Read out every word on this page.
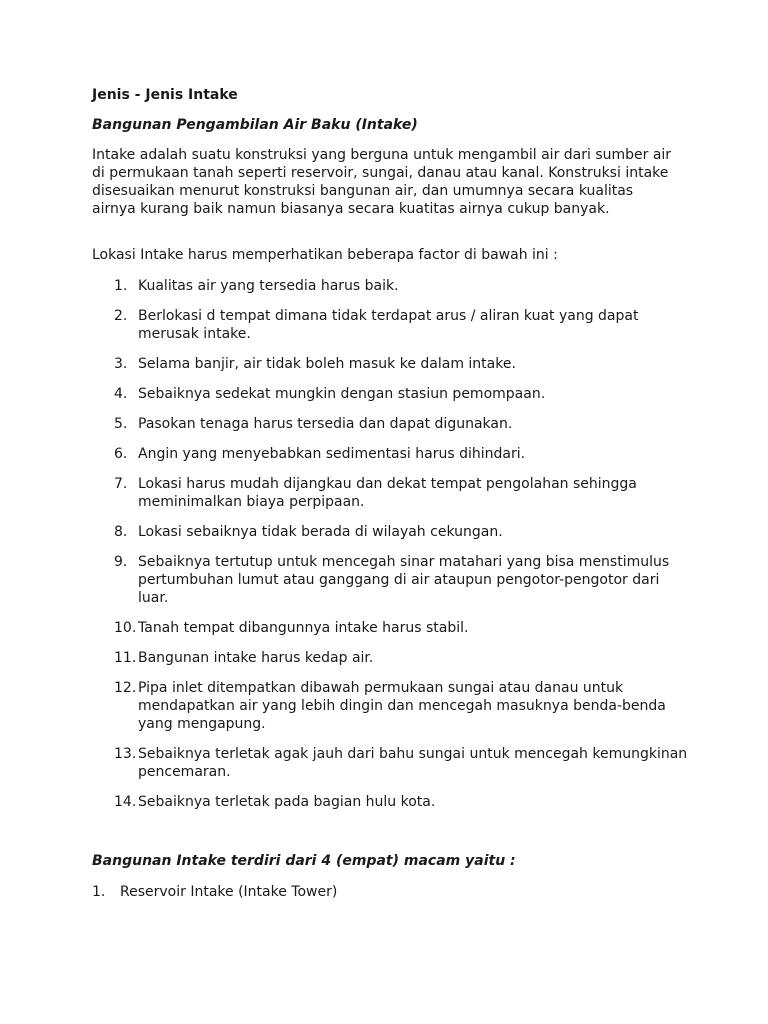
Jenis - Jenis Intake

Bangunan Pengambilan Air Baku (Intake)

Intake adalah suatu konstruksi yang berguna untuk mengambil air dari sumber air di permukaan tanah seperti reservoir, sungai, danau atau kanal. Konstruksi intake disesuaikan menurut konstruksi bangunan air, dan umumnya secara kualitas airnya kurang baik namun biasanya secara kuatitas airnya cukup banyak.

Lokasi Intake harus memperhatikan beberapa factor di bawah ini :

1. Kualitas air yang tersedia harus baik.
2. Berlokasi d tempat dimana tidak terdapat arus / aliran kuat yang dapat merusak intake.
3. Selama banjir, air tidak boleh masuk ke dalam intake.
4. Sebaiknya sedekat mungkin dengan stasiun pemompaan.
5. Pasokan tenaga harus tersedia dan dapat digunakan.
6. Angin yang menyebabkan sedimentasi harus dihindari.
7. Lokasi harus mudah dijangkau dan dekat tempat pengolahan sehingga meminimalkan biaya perpipaan.
8. Lokasi sebaiknya tidak berada di wilayah cekungan.
9. Sebaiknya tertutup untuk mencegah sinar matahari yang bisa menstimulus pertumbuhan lumut atau ganggang di air ataupun pengotor-pengotor dari luar.
10. Tanah tempat dibangunnya intake harus stabil.
11. Bangunan intake harus kedap air.
12. Pipa inlet ditempatkan dibawah permukaan sungai atau danau untuk mendapatkan air yang lebih dingin dan mencegah masuknya benda-benda yang mengapung.
13. Sebaiknya terletak agak jauh dari bahu sungai untuk mencegah kemungkinan pencemaran.
14. Sebaiknya terletak pada bagian hulu kota.

Bangunan Intake terdiri dari 4 (empat) macam yaitu :

1. Reservoir Intake (Intake Tower)
